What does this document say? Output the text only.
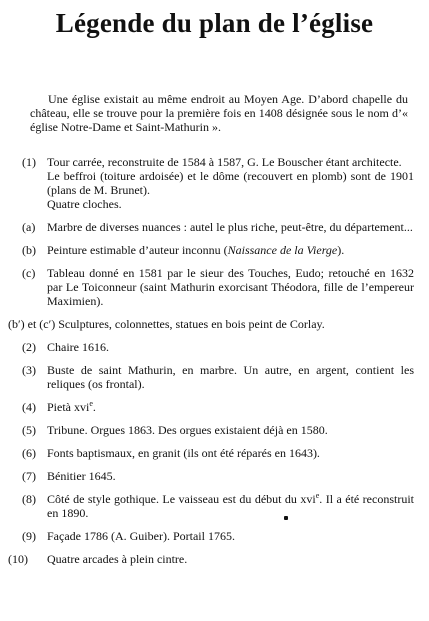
Légende du plan de l’église

Une église existait au même endroit au Moyen Age. D’abord chapelle du château, elle se trouve pour la première fois en 1408 désignée sous le nom d’« église Notre-Dame et Saint-Mathurin ».

(1) Tour carrée, reconstruite de 1584 à 1587, G. Le Bouscher étant architecte.
Le beffroi (toiture ardoisée) et le dôme (recouvert en plomb) sont de 1901 (plans de M. Brunet).
Quatre cloches.
(a) Marbre de diverses nuances : autel le plus riche, peut-être, du département...
(b) Peinture estimable d’auteur inconnu (Naissance de la Vierge).
(c) Tableau donné en 1581 par le sieur des Touches, Eudo; retouché en 1632 par Le Toiconneur (saint Mathurin exorcisant Théodora, fille de l’empereur Maximien).
(b′) et (c′) Sculptures, colonnettes, statues en bois peint de Corlay.
(2) Chaire 1616.
(3) Buste de saint Mathurin, en marbre. Un autre, en argent, contient les reliques (os frontal).
(4) Pietà xvi$^e$.
(5) Tribune. Orgues 1863. Des orgues existaient déjà en 1580.
(6) Fonts baptismaux, en granit (ils ont été réparés en 1643).
(7) Bénitier 1645.
(8) Côté de style gothique. Le vaisseau est du début du xvi$^e$. Il a été reconstruit en 1890.
(9) Façade 1786 (A. Guiber). Portail 1765.
(10) Quatre arcades à plein cintre.
